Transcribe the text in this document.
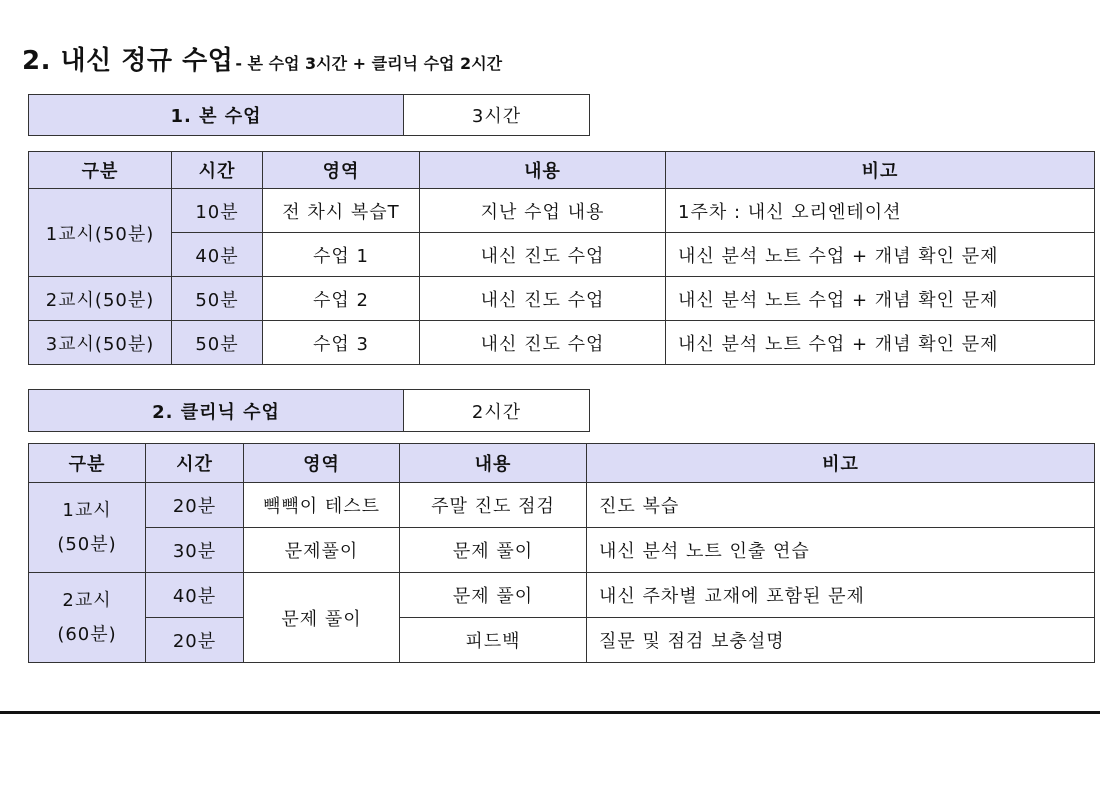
2. 내신 정규 수업 - 본 수업 3시간 + 클리닉 수업 2시간
1. 본 수업	3시간
구분	시간	영역	내용	비고
1교시(50분)	10분	전 차시 복습T	지난 수업 내용	1주차 : 내신 오리엔테이션
	40분	수업 1	내신 진도 수업	내신 분석 노트 수업 + 개념 확인 문제
2교시(50분)	50분	수업 2	내신 진도 수업	내신 분석 노트 수업 + 개념 확인 문제
3교시(50분)	50분	수업 3	내신 진도 수업	내신 분석 노트 수업 + 개념 확인 문제
2. 클리닉 수업	2시간
구분	시간	영역	내용	비고

1교시
(50분)	20분	빽빽이 테스트	주말 진도 점검	진도 복습
	30분	문제풀이	문제 풀이	내신 분석 노트 인출 연습

2교시
(60분)	40분	문제 풀이	문제 풀이	내신 주차별 교재에 포함된 문제
	20분		피드백	질문 및 점검 보충설명
